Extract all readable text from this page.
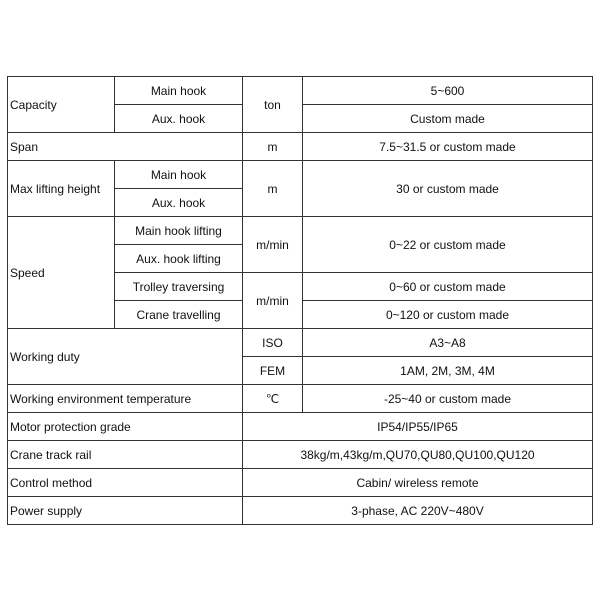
Capacity	Main hook	ton	5~600
	Aux. hook		Custom made
Span		m	7.5~31.5 or custom made
Max lifting height	Main hook	m	30 or custom made
	Aux. hook		
Speed	Main hook lifting	m/min	0~22 or custom made
	Aux. hook lifting		
	Trolley traversing	m/min	0~60 or custom made
	Crane travelling		0~120 or custom made
Working duty		ISO	A3~A8
		FEM	1AM, 2M, 3M, 4M
Working environment temperature		℃	-25~40 or custom made
Motor protection grade		IP54/IP55/IP65	
Crane track rail		38kg/m,43kg/m,QU70,QU80,QU100,QU120	
Control method		Cabin/ wireless remote	
Power supply		3-phase, AC 220V~480V	
